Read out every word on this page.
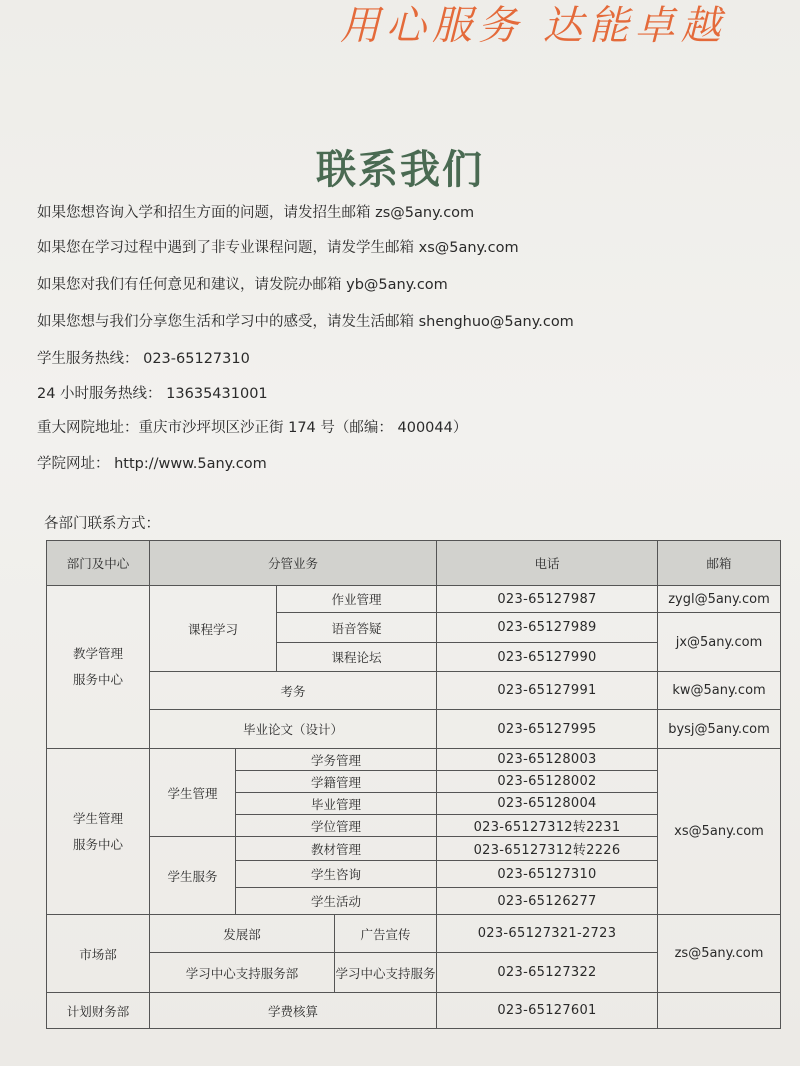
用心服务 达能卓越
联系我们
如果您想咨询入学和招生方面的问题，请发招生邮箱 zs@5any.com
如果您在学习过程中遇到了非专业课程问题，请发学生邮箱 xs@5any.com
如果您对我们有任何意见和建议，请发院办邮箱 yb@5any.com
如果您想与我们分享您生活和学习中的感受，请发生活邮箱 shenghuo@5any.com
学生服务热线： 023-65127310
24 小时服务热线： 13635431001
重大网院地址：重庆市沙坪坝区沙正街 174 号（邮编： 400044）
学院网址： http://www.5any.com
各部门联系方式：
部门及中心	分管业务				电话	邮箱

教学管理
服务中心	课程学习		作业管理		023-65127987	zygl@5any.com
			语音答疑		023-65127989	jx@5any.com
			课程论坛		023-65127990	
	考务				023-65127991	kw@5any.com
	毕业论文（设计）				023-65127995	bysj@5any.com

学生管理
服务中心	学生管理	学务管理			023-65128003	xs@5any.com
		学籍管理			023-65128002	
		毕业管理			023-65128004	
		学位管理			023-65127312转2231	
	学生服务	教材管理			023-65127312转2226	
		学生咨询			023-65127310	
		学生活动			023-65126277	
市场部	发展部			广告宣传	023-65127321-2723	zs@5any.com
	学习中心支持服务部			学习中心支持服务	023-65127322	
计划财务部	学费核算				023-65127601	
